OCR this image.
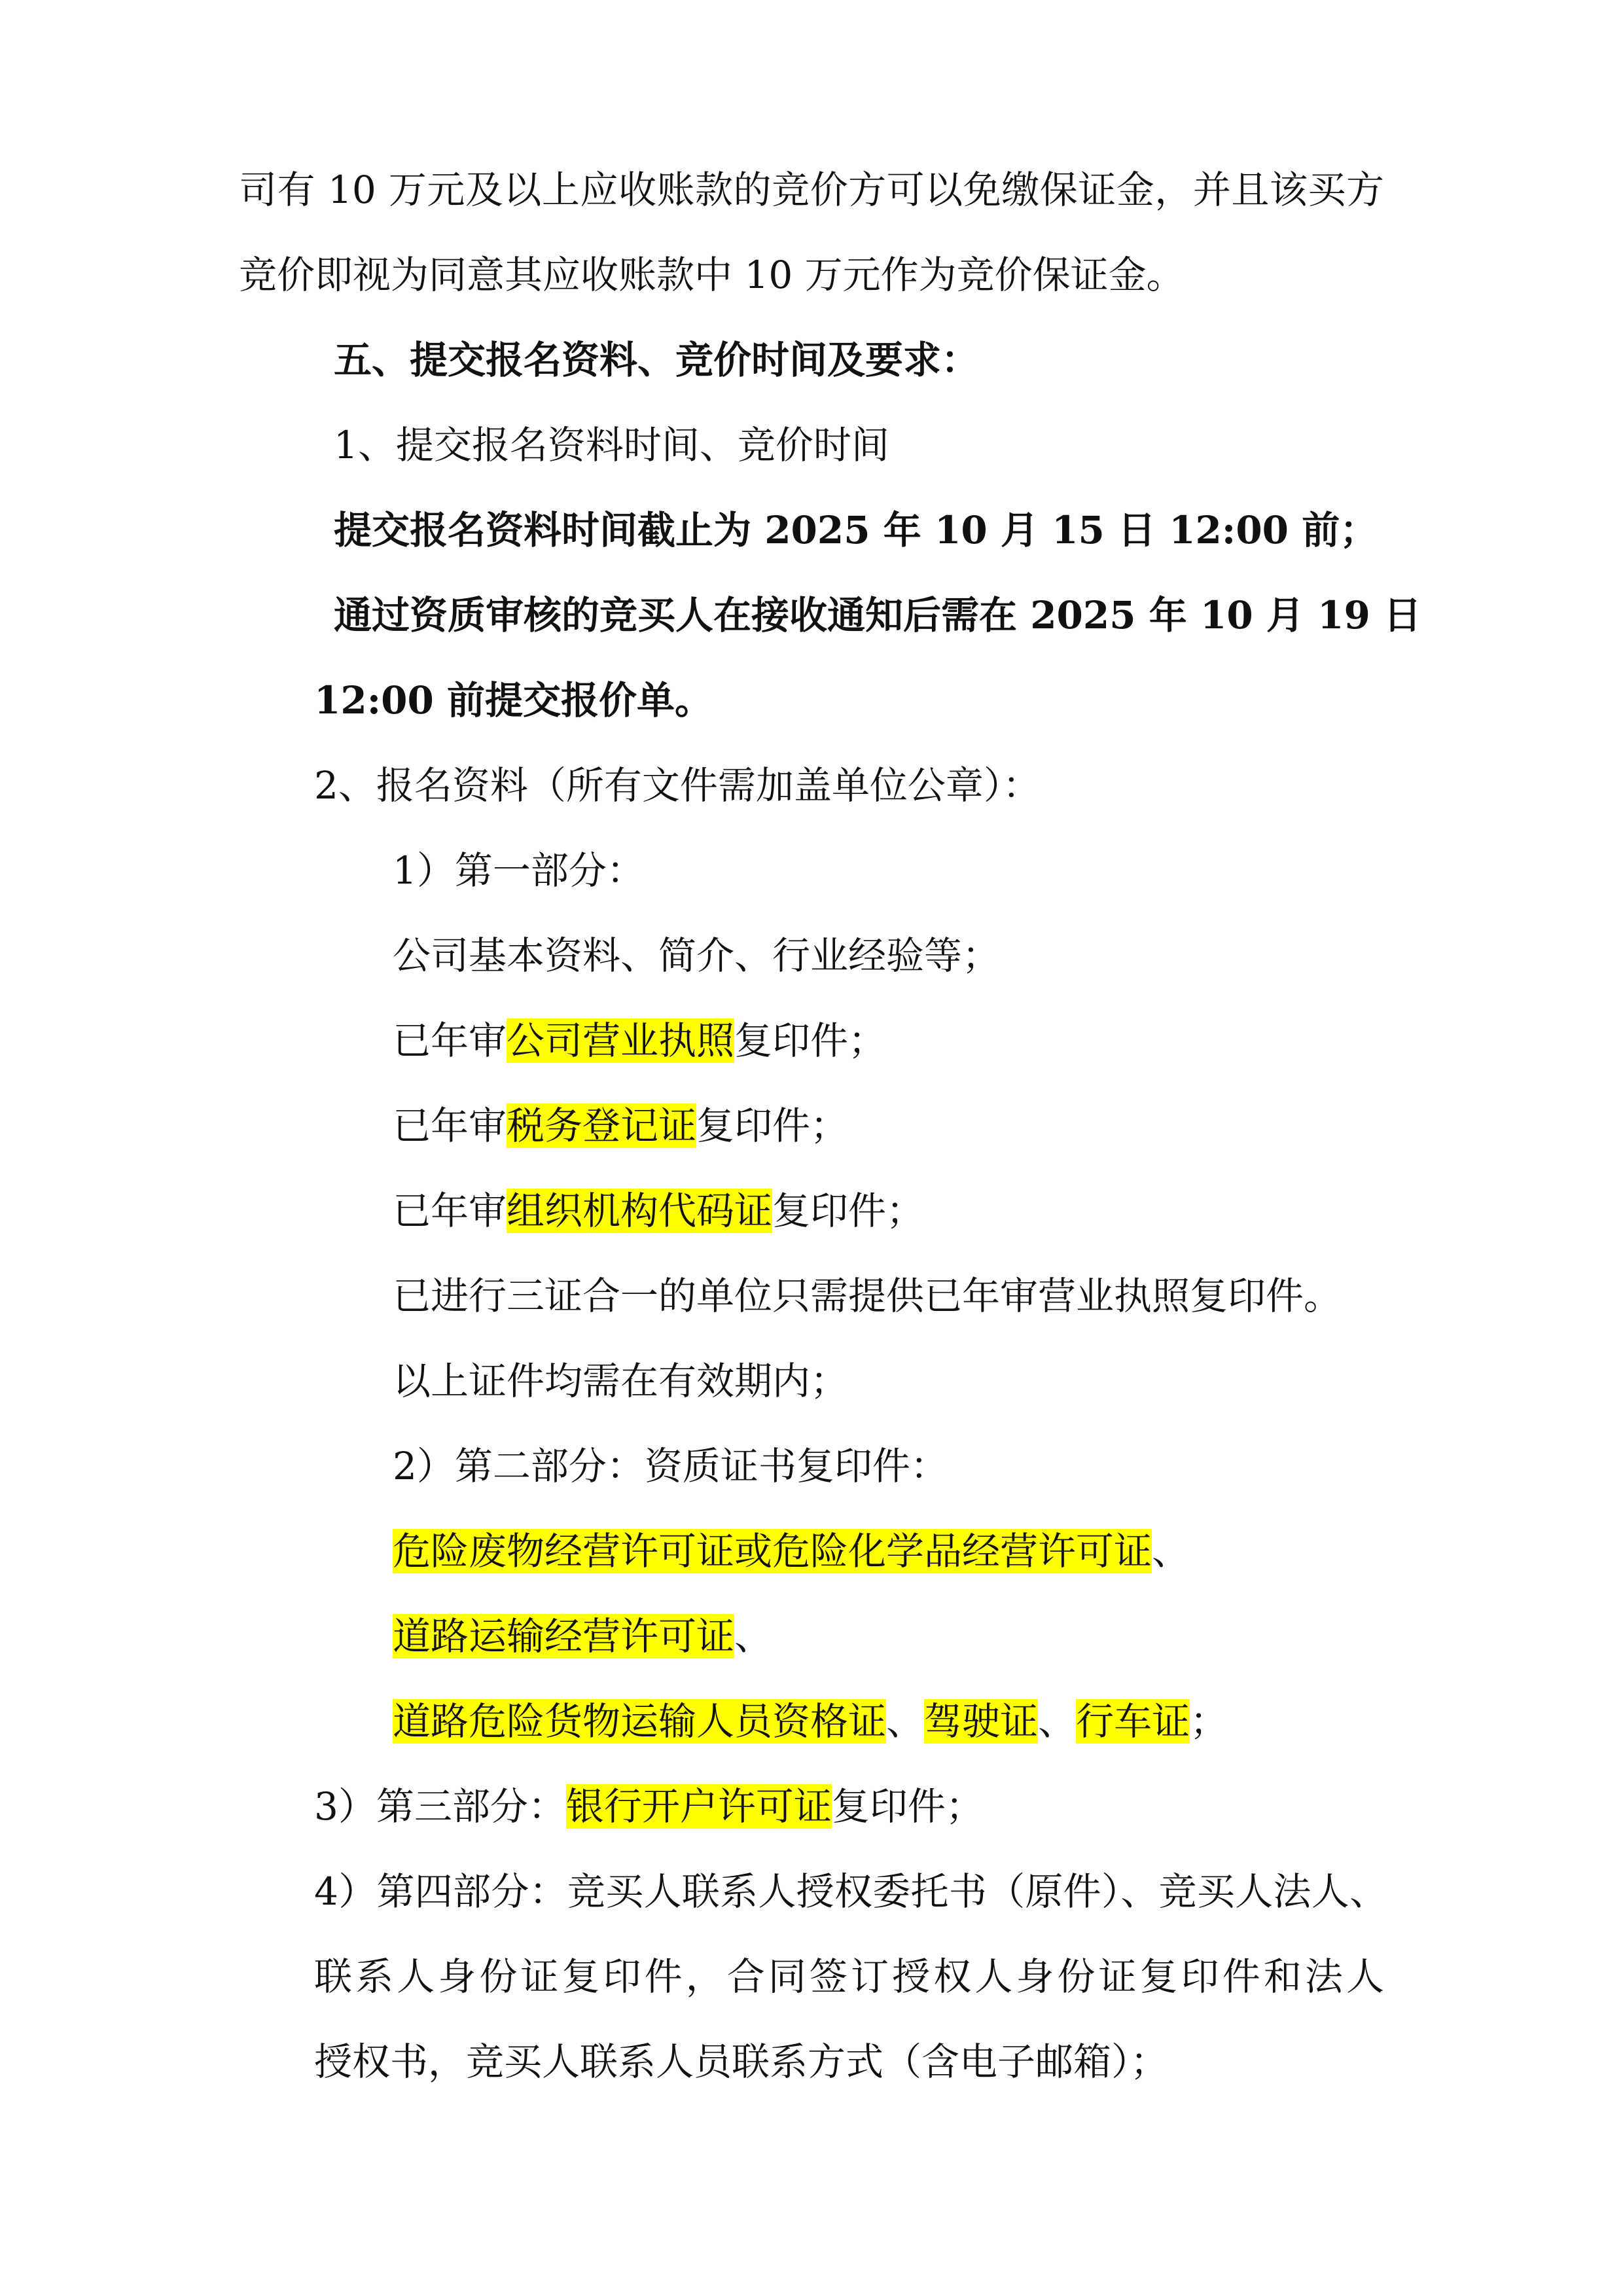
司有 10 万元及以上应收账款的竞价方可以免缴保证金，并且该买方
竞价即视为同意其应收账款中 10 万元作为竞价保证金。
五、提交报名资料、竞价时间及要求：
1、提交报名资料时间、竞价时间
提交报名资料时间截止为 2025 年 10 月 15 日 12:00 前；
通过资质审核的竞买人在接收通知后需在 2025 年 10 月 19 日
12:00 前提交报价单。
2、报名资料（所有文件需加盖单位公章）：
1）第一部分：
公司基本资料、简介、行业经验等；
已年审公司营业执照复印件；
已年审税务登记证复印件；
已年审组织机构代码证复印件；
已进行三证合一的单位只需提供已年审营业执照复印件。
以上证件均需在有效期内；
2）第二部分：资质证书复印件：
危险废物经营许可证或危险化学品经营许可证、
道路运输经营许可证、
道路危险货物运输人员资格证、驾驶证、行车证；
3）第三部分：银行开户许可证复印件；
4）第四部分：竞买人联系人授权委托书（原件）、竞买人法人、
联系人身份证复印件，合同签订授权人身份证复印件和法人
授权书，竞买人联系人员联系方式（含电子邮箱）；
